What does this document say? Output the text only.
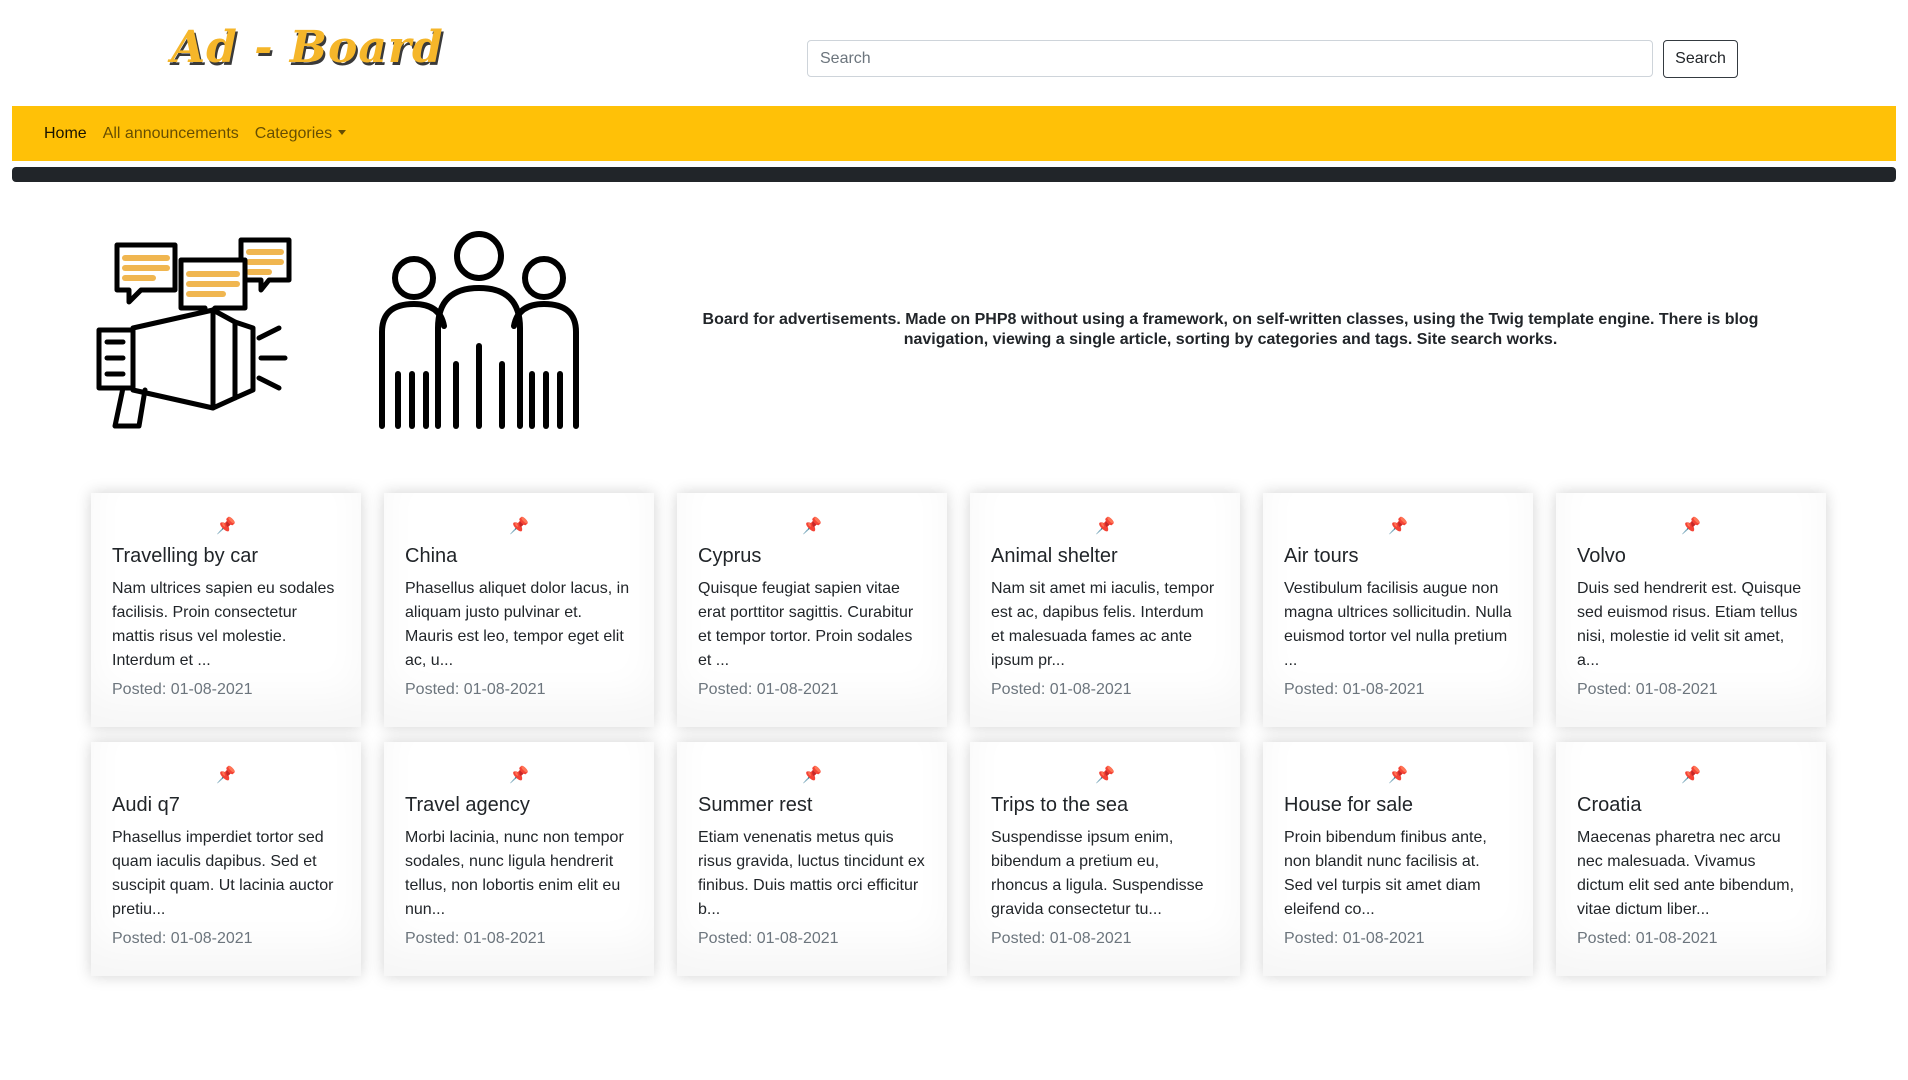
Ad - Board
Search	Search
Home All announcements Categories
Board for advertisements. Made on PHP8 without using a framework, on self-written classes, using the Twig template engine. There is blog navigation, viewing a single article, sorting by categories and tags. Site search works.
📌
Travelling by car

Nam ultrices sapien eu sodales facilisis. Proin consectetur mattis risus vel molestie. Interdum et ...

Posted: 01-08-2021
📌
China

Phasellus aliquet dolor lacus, in aliquam justo pulvinar et. Mauris est leo, tempor eget elit ac, u...

Posted: 01-08-2021
📌
Cyprus

Quisque feugiat sapien vitae erat porttitor sagittis. Curabitur et tempor tortor. Proin sodales et ...

Posted: 01-08-2021
📌
Animal shelter

Nam sit amet mi iaculis, tempor est ac, dapibus felis. Interdum et malesuada fames ac ante ipsum pr...

Posted: 01-08-2021
📌
Air tours

Vestibulum facilisis augue non magna ultrices sollicitudin. Nulla euismod tortor vel nulla pretium ...

Posted: 01-08-2021
📌
Volvo

Duis sed hendrerit est. Quisque sed euismod risus. Etiam tellus nisi, molestie id velit sit amet, a...

Posted: 01-08-2021
📌
Audi q7

Phasellus imperdiet tortor sed quam iaculis dapibus. Sed et suscipit quam. Ut lacinia auctor pretiu...

Posted: 01-08-2021
📌
Travel agency

Morbi lacinia, nunc non tempor sodales, nunc ligula hendrerit tellus, non lobortis enim elit eu nun...

Posted: 01-08-2021
📌
Summer rest

Etiam venenatis metus quis risus gravida, luctus tincidunt ex finibus. Duis mattis orci efficitur b...

Posted: 01-08-2021
📌
Trips to the sea

Suspendisse ipsum enim, bibendum a pretium eu, rhoncus a ligula. Suspendisse gravida consectetur tu...

Posted: 01-08-2021
📌
House for sale

Proin bibendum finibus ante, non blandit nunc facilisis at. Sed vel turpis sit amet diam eleifend co...

Posted: 01-08-2021
📌
Croatia

Maecenas pharetra nec arcu nec malesuada. Vivamus dictum elit sed ante bibendum, vitae dictum liber...

Posted: 01-08-2021
